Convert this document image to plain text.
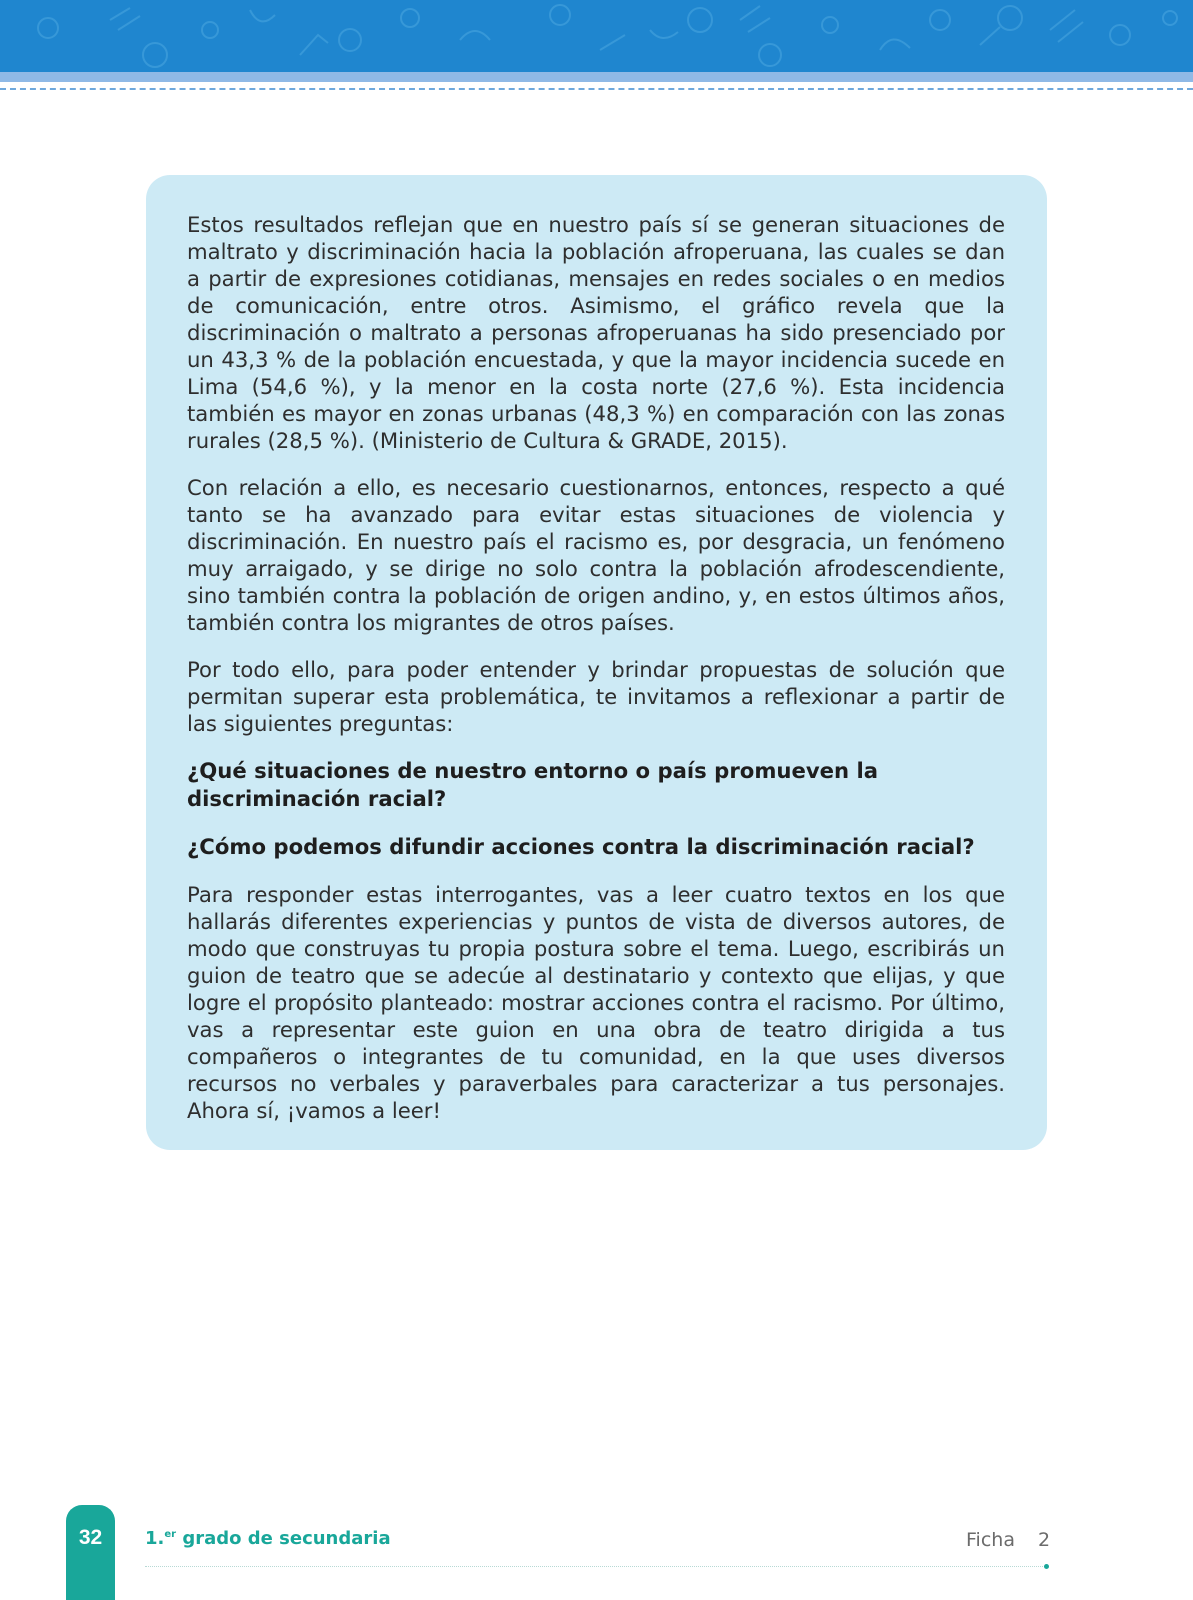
Estos resultados reflejan que en nuestro país sí se generan situaciones de maltrato y discriminación hacia la población afroperuana, las cuales se dan a partir de expresiones cotidianas, mensajes en redes sociales o en medios de comunicación, entre otros. Asimismo, el gráfico revela que la discriminación o maltrato a personas afroperuanas ha sido presenciado por un 43,3 % de la población encuestada, y que la mayor incidencia sucede en Lima (54,6 %), y la menor en la costa norte (27,6 %). Esta incidencia también es mayor en zonas urbanas (48,3 %) en comparación con las zonas rurales (28,5 %). (Ministerio de Cultura & GRADE, 2015).

Con relación a ello, es necesario cuestionarnos, entonces, respecto a qué tanto se ha avanzado para evitar estas situaciones de violencia y discriminación. En nuestro país el racismo es, por desgracia, un fenómeno muy arraigado, y se dirige no solo contra la población afrodescendiente, sino también contra la población de origen andino, y, en estos últimos años, también contra los migrantes de otros países.

Por todo ello, para poder entender y brindar propuestas de solución que permitan superar esta problemática, te invitamos a reflexionar a partir de las siguientes preguntas:

¿Qué situaciones de nuestro entorno o país promueven la discriminación racial?

¿Cómo podemos difundir acciones contra la discriminación racial?

Para responder estas interrogantes, vas a leer cuatro textos en los que hallarás diferentes experiencias y puntos de vista de diversos autores, de modo que construyas tu propia postura sobre el tema. Luego, escribirás un guion de teatro que se adecúe al destinatario y contexto que elijas, y que logre el propósito planteado: mostrar acciones contra el racismo. Por último, vas a representar este guion en una obra de teatro dirigida a tus compañeros o integrantes de tu comunidad, en la que uses diversos recursos no verbales y paraverbales para caracterizar a tus personajes. Ahora sí, ¡vamos a leer!

32	1.$^{er}$ grado de secundaria	Ficha 2
